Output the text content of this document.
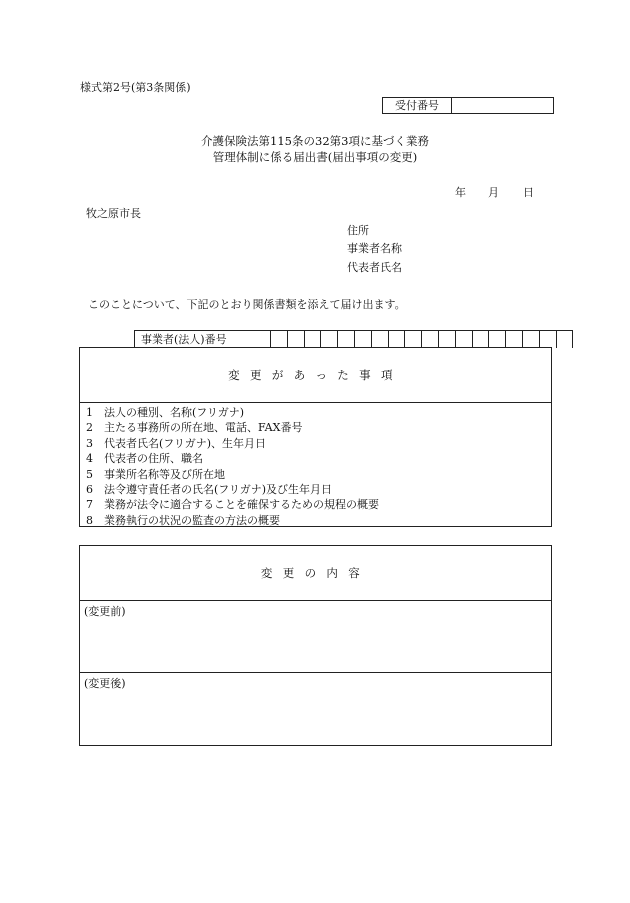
様式第2号(第3条関係)
受付番号
介護保険法第115条の32第3項に基づく業務
管理体制に係る届出書(届出事項の変更)
年 月 日
牧之原市長
住所
事業者名称
代表者氏名
このことについて、下記のとおり関係書類を添えて届け出ます。
事業者(法人)番号
変更があった事項
1	法人の種別、名称(フリガナ)
2	主たる事務所の所在地、電話、FAX番号
3	代表者氏名(フリガナ)、生年月日
4	代表者の住所、職名
5	事業所名称等及び所在地
6	法令遵守責任者の氏名(フリガナ)及び生年月日
7	業務が法令に適合することを確保するための規程の概要
8	業務執行の状況の監査の方法の概要
変更の内容
(変更前)
(変更後)
